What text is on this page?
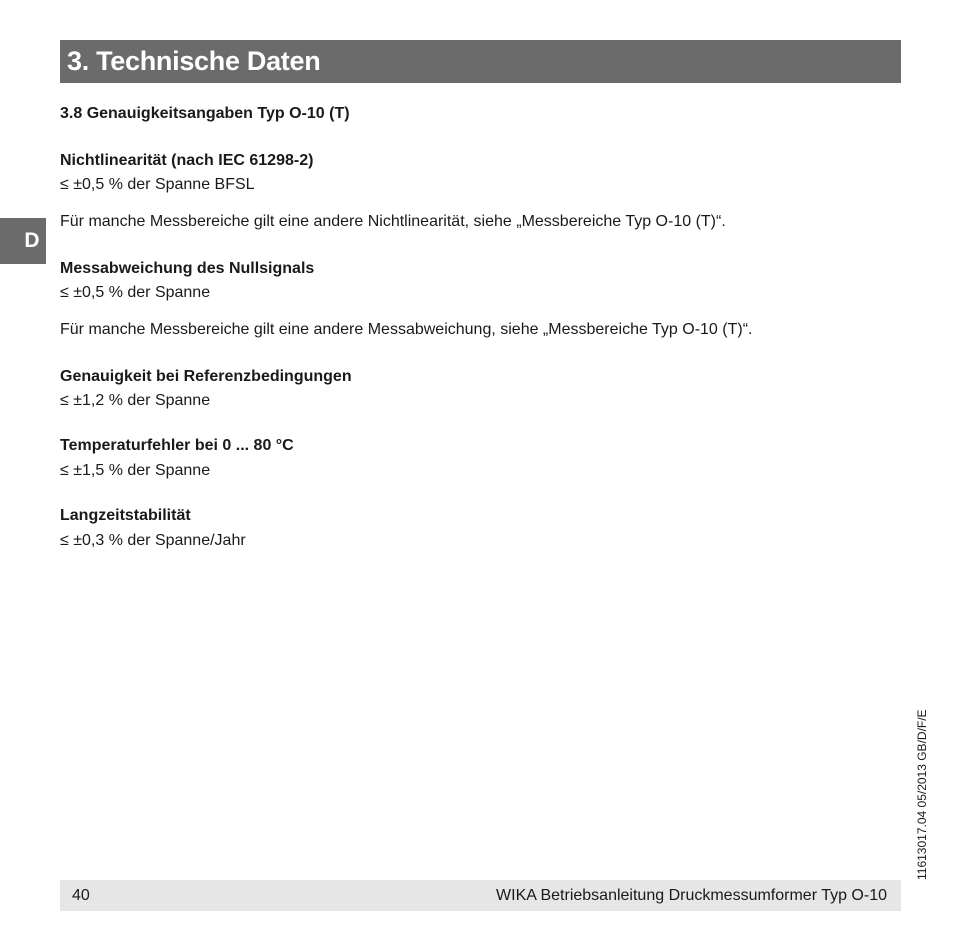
3. Technische Daten
D
3.8 Genauigkeitsangaben Typ O-10 (T)
Nichtlinearität (nach IEC 61298-2)
≤ ±0,5 % der Spanne BFSL
Für manche Messbereiche gilt eine andere Nichtlinearität, siehe „Messbereiche Typ O-10 (T)“.
Messabweichung des Nullsignals
≤ ±0,5 % der Spanne
Für manche Messbereiche gilt eine andere Messabweichung, siehe „Messbereiche Typ O-10 (T)“.
Genauigkeit bei Referenzbedingungen
≤ ±1,2 % der Spanne
Temperaturfehler bei 0 ... 80 °C
≤ ±1,5 % der Spanne
Langzeitstabilität
≤ ±0,3 % der Spanne/Jahr
11613017.04 05/2013 GB/D/F/E
40	WIKA Betriebsanleitung Druckmessumformer Typ O-10
